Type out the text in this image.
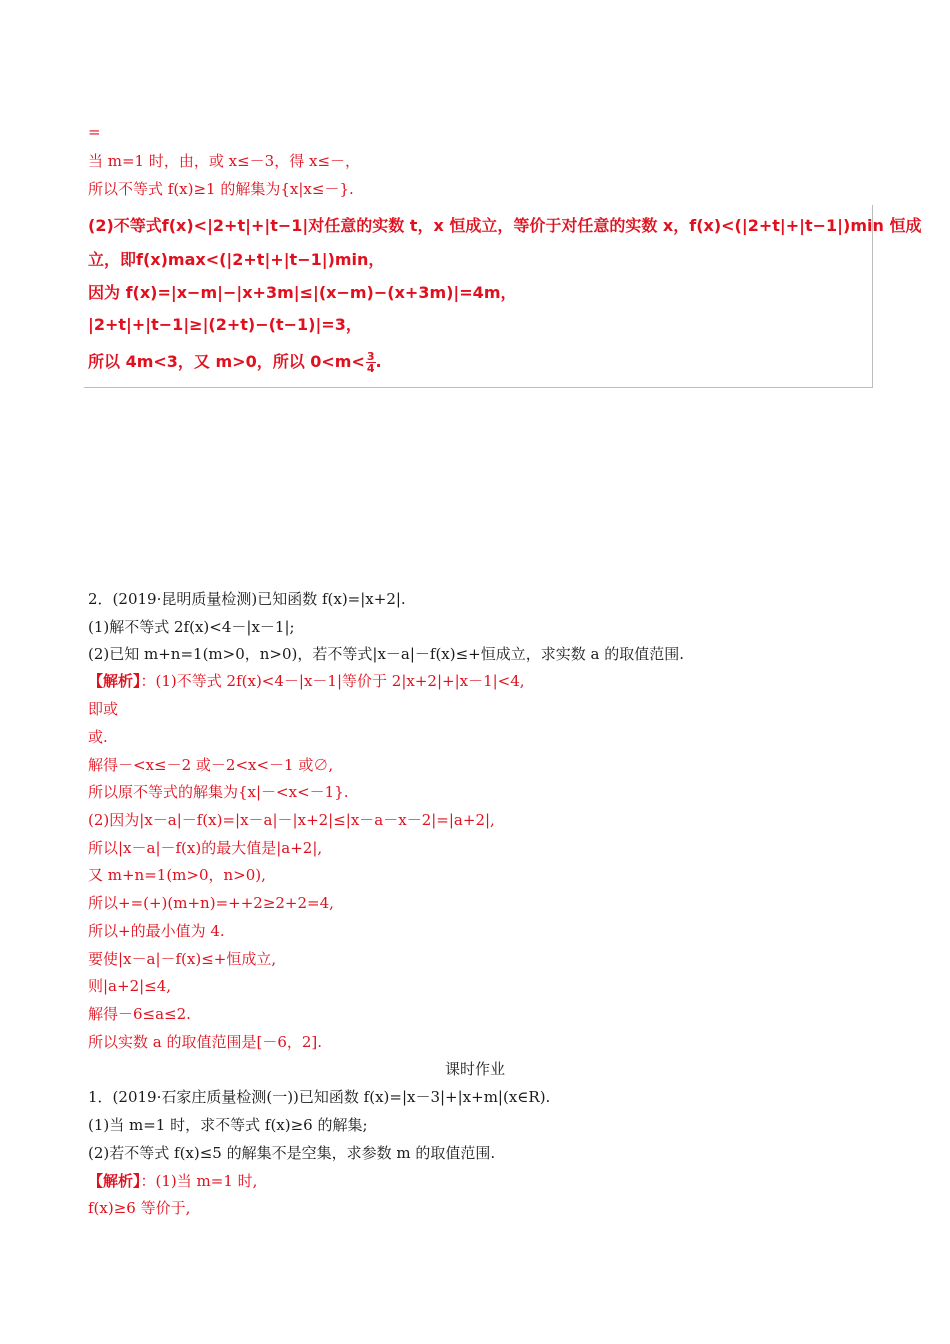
=
当 m=1 时，由，或 x≤－3，得 x≤－，
所以不等式 f(x)≥1 的解集为{x|x≤－}.
(2)不等式f(x)<|2+t|+|t−1|对任意的实数 t，x 恒成立，等价于对任意的实数 x，f(x)<(|2+t|+|t−1|)min 恒成
立，即f(x)max<(|2+t|+|t−1|)min，
因为 f(x)=|x−m|−|x+3m|≤|(x−m)−(x+3m)|=4m，
|2+t|+|t−1|≥|(2+t)−(t−1)|=3，
所以 4m<3，又 m>0，所以 $0<m< \frac{3}{4}$ .
2．(2019·昆明质量检测)已知函数 f(x)=|x+2|.
(1)解不等式 2f(x)<4－|x－1|;
(2)已知 m+n=1(m>0，n>0)，若不等式|x－a|－f(x)≤+恒成立，求实数 a 的取值范围.
【解析】：(1)不等式 2f(x)<4－|x－1|等价于 2|x+2|+|x－1|<4,
即或
或.
解得－<x≤－2 或－2<x<－1 或∅,
所以原不等式的解集为{x|－<x<－1}.
(2)因为|x－a|－f(x)=|x－a|－|x+2|≤|x－a－x－2|=|a+2|,
所以|x－a|－f(x)的最大值是|a+2|,
又 m+n=1(m>0，n>0),
所以+=(+)(m+n)=++2≥2+2=4,
所以+的最小值为 4.
要使|x－a|－f(x)≤+恒成立,
则|a+2|≤4,
解得－6≤a≤2.
所以实数 a 的取值范围是[－6，2].
课时作业
1．(2019·石家庄质量检测(一))已知函数 f(x)=|x－3|+|x+m|(x∈R).
(1)当 m=1 时，求不等式 f(x)≥6 的解集;
(2)若不等式 f(x)≤5 的解集不是空集，求参数 m 的取值范围.
【解析】：(1)当 m=1 时,
f(x)≥6 等价于,
